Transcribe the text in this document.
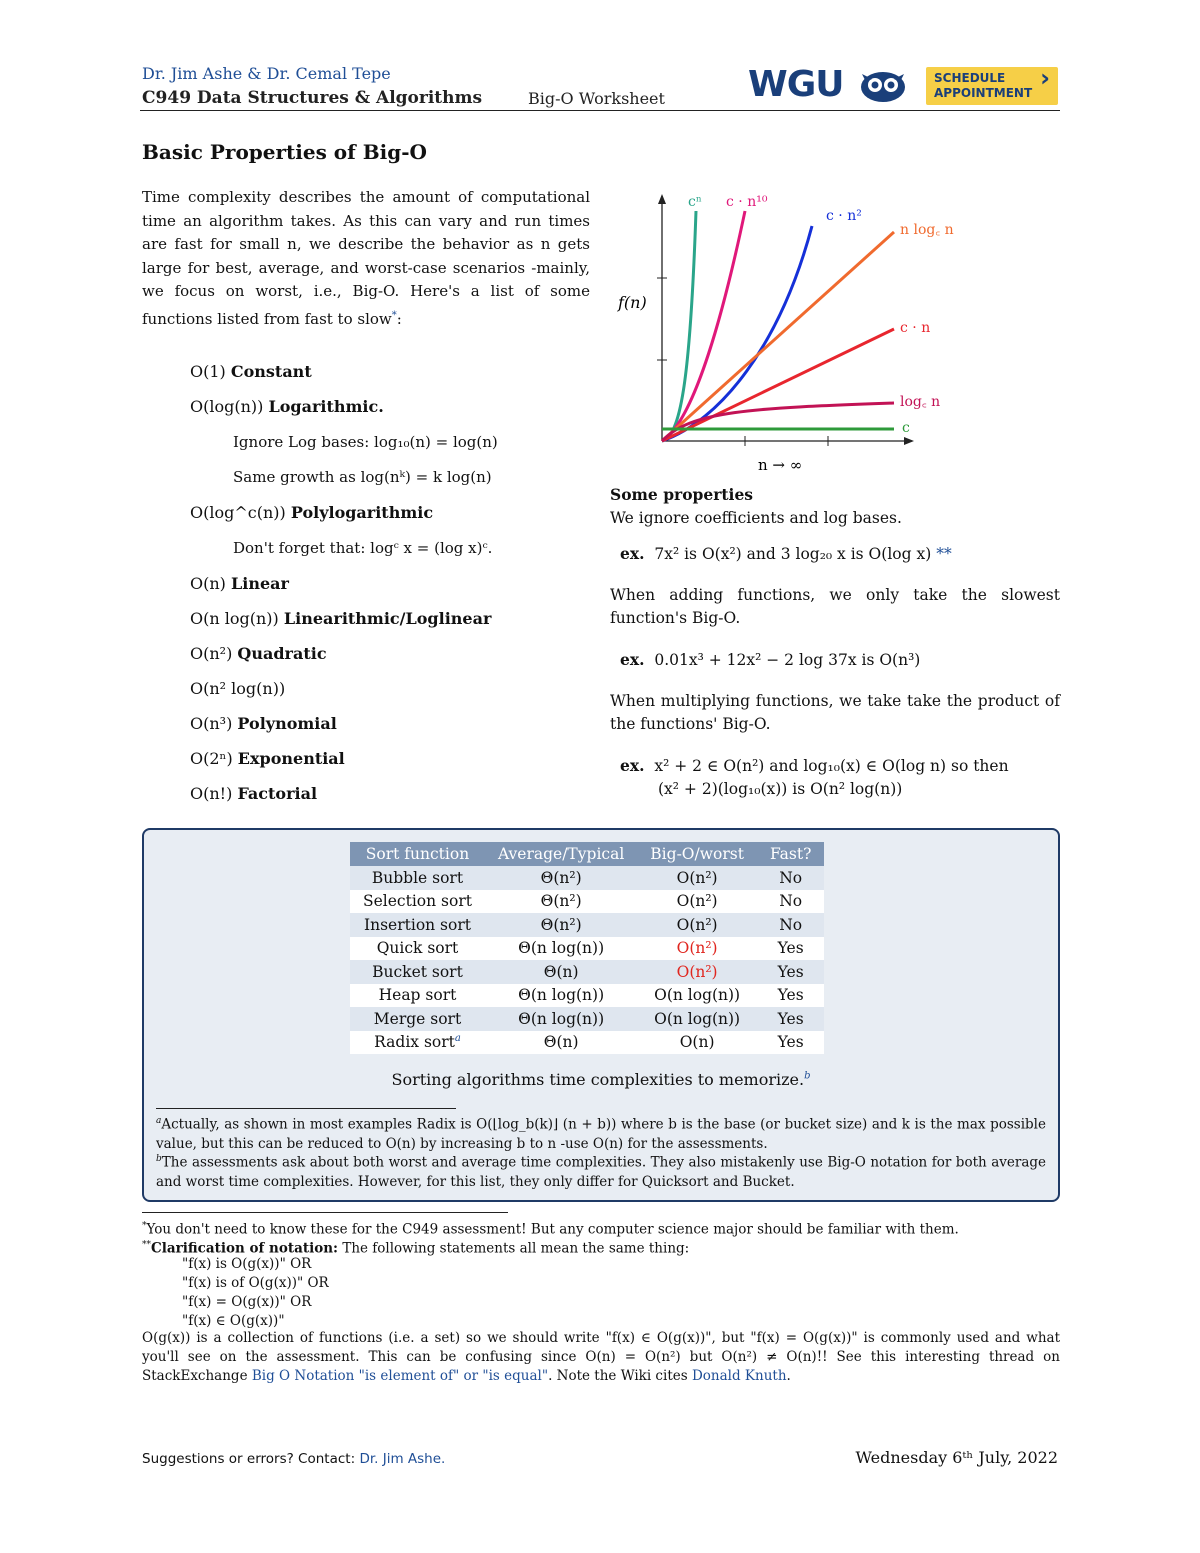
Dr. Jim Ashe & Dr. Cemal Tepe
C949 Data Structures & Algorithms	Big-O Worksheet WGU	SCHEDULE
APPOINTMENT
›
Basic Properties of Big-O
Time complexity describes the amount of computational time an algorithm takes. As this can vary and run times are fast for small n, we describe the behavior as n gets large for best, average, and worst-case scenarios -mainly, we focus on worst, i.e., Big-O. Here's a list of some functions listed from fast to slow*:
O(1) Constant
O(log(n)) Logarithmic.
Ignore Log bases: log₁₀(n) = log(n)
Same growth as log(nᵏ) = k log(n)
O(log^c(n)) Polylogarithmic
Don't forget that: logᶜ x = (log x)ᶜ.
O(n) Linear
O(n log(n)) Linearithmic/Loglinear
O(n²) Quadratic
O(n² log(n))
O(n³) Polynomial
O(2ⁿ) Exponential
O(n!) Factorial
f(n)
n → ∞
cⁿ c · n¹⁰
c · n²
n log꜀ n
c · n
log꜀ n
c

Some properties

We ignore coefficients and log bases.

ex. 7x² is O(x²) and 3 log₂₀ x is O(log x) **

When adding functions, we only take the slowest function's Big-O.

ex. 0.01x³ + 12x² − 2 log 37x is O(n³)

When multiplying functions, we take take the product of the functions' Big-O.

ex. x² + 2 ∈ O(n²) and log₁₀(x) ∈ O(log n) so then

(x² + 2)(log₁₀(x)) is O(n² log(n))

Sort function	Average/Typical	Big-O/worst	Fast?
Bubble sort	Θ(n²)	O(n²)	No
Selection sort	Θ(n²)	O(n²)	No
Insertion sort	Θ(n²)	O(n²)	No
Quick sort	Θ(n log(n))	O(n²)	Yes
Bucket sort	Θ(n)	O(n²)	Yes
Heap sort	Θ(n log(n))	O(n log(n))	Yes
Merge sort	Θ(n log(n))	O(n log(n))	Yes
Radix sort$^a$	Θ(n)	O(n)	Yes
Sorting algorithms time complexities to memorize.$^b$
$^a$Actually, as shown in most examples Radix is O(⌊log_b(k)⌋ (n + b)) where b is the base (or bucket size) and k is the max possible value, but this can be reduced to O(n) by increasing b to n -use O(n) for the assessments.
$^b$The assessments ask about both worst and average time complexities. They also mistakenly use Big-O notation for both average and worst time complexities. However, for this list, they only differ for Quicksort and Bucket.
*You don't need to know these for the C949 assessment! But any computer science major should be familiar with them.
**Clarification of notation: The following statements all mean the same thing:
"f(x) is O(g(x))" OR
"f(x) is of O(g(x))" OR
"f(x) = O(g(x))" OR
"f(x) ∈ O(g(x))"
O(g(x)) is a collection of functions (i.e. a set) so we should write "f(x) ∈ O(g(x))", but "f(x) = O(g(x))" is commonly used and what you'll see on the assessment. This can be confusing since O(n) = O(n²) but O(n²) ≠ O(n)!! See this interesting thread on StackExchange Big O Notation "is element of" or "is equal". Note the Wiki cites Donald Knuth.
Suggestions or errors? Contact: Dr. Jim Ashe.	Wednesday 6ᵗʰ July, 2022
